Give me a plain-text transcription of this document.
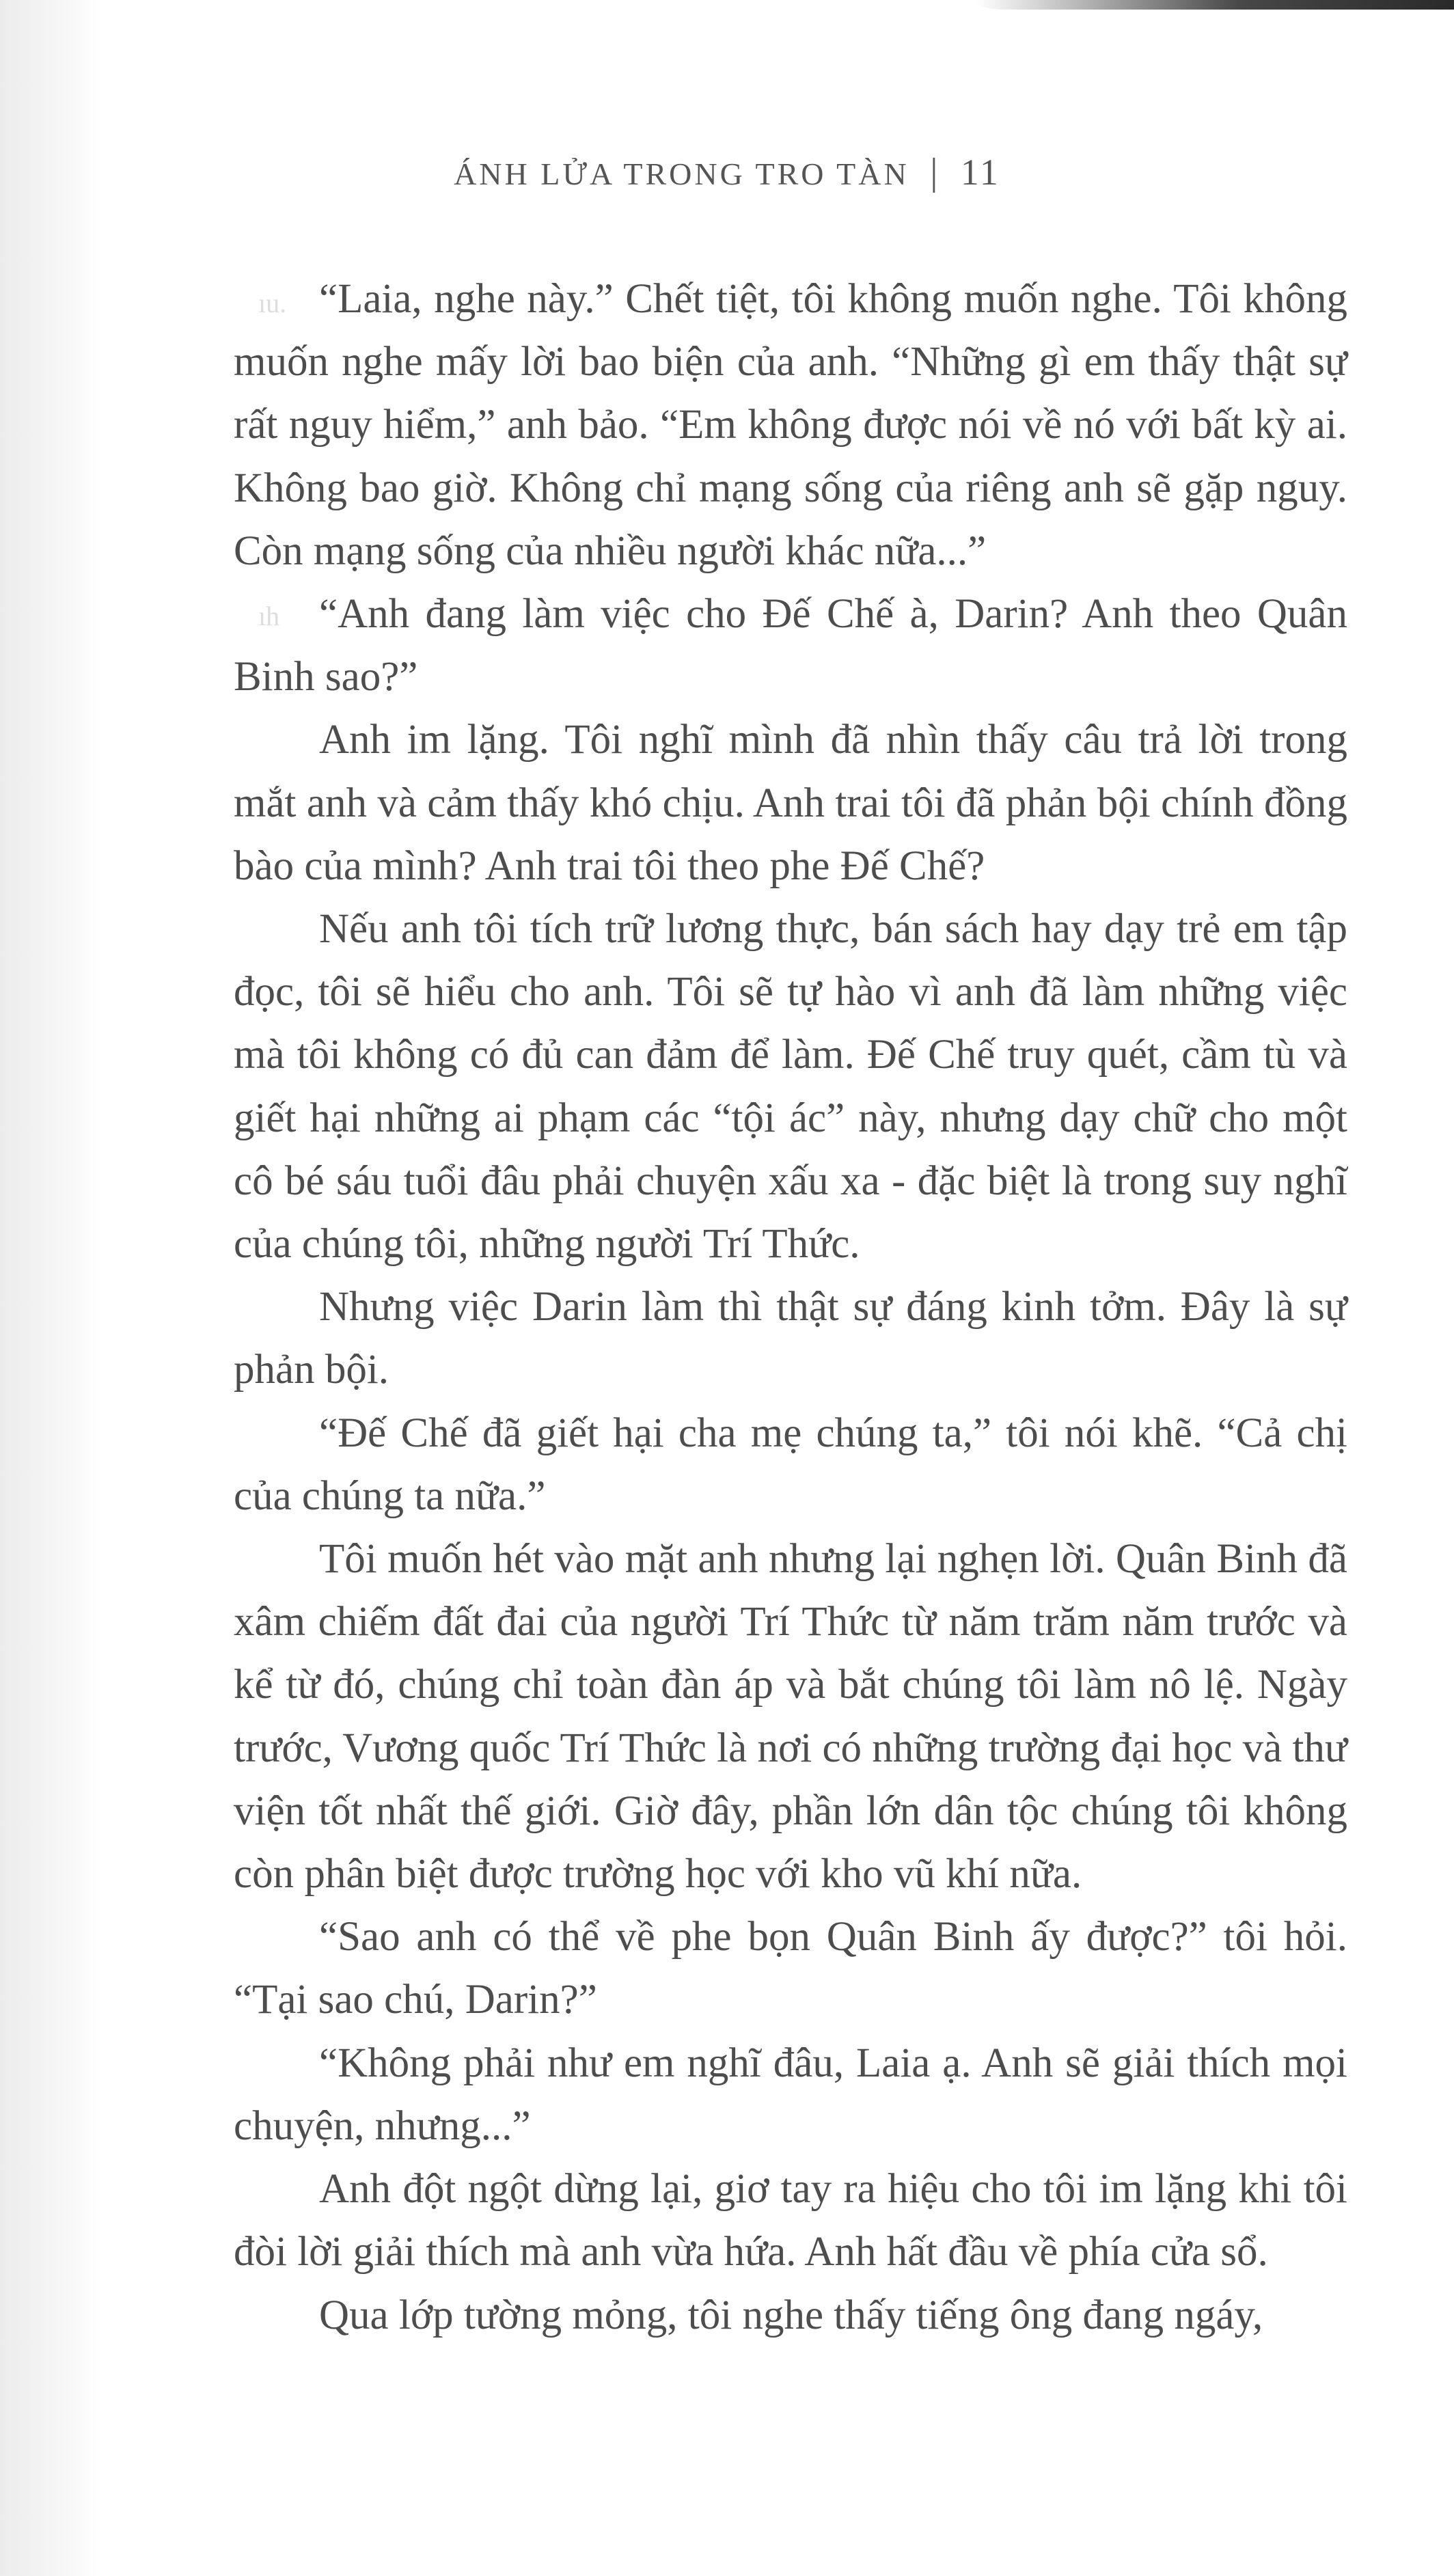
ıu.
ıh
ÁNH LỬA TRONG TRO TÀN | 11

“Laia, nghe này.” Chết tiệt, tôi không muốn nghe. Tôi không muốn nghe mấy lời bao biện của anh. “Những gì em thấy thật sự rất nguy hiểm,” anh bảo. “Em không được nói về nó với bất kỳ ai. Không bao giờ. Không chỉ mạng sống của riêng anh sẽ gặp nguy. Còn mạng sống của nhiều người khác nữa...”

“Anh đang làm việc cho Đế Chế à, Darin? Anh theo Quân Binh sao?”

Anh im lặng. Tôi nghĩ mình đã nhìn thấy câu trả lời trong mắt anh và cảm thấy khó chịu. Anh trai tôi đã phản bội chính đồng bào của mình? Anh trai tôi theo phe Đế Chế?

Nếu anh tôi tích trữ lương thực, bán sách hay dạy trẻ em tập đọc, tôi sẽ hiểu cho anh. Tôi sẽ tự hào vì anh đã làm những việc mà tôi không có đủ can đảm để làm. Đế Chế truy quét, cầm tù và giết hại những ai phạm các “tội ác” này, nhưng dạy chữ cho một cô bé sáu tuổi đâu phải chuyện xấu xa - đặc biệt là trong suy nghĩ của chúng tôi, những người Trí Thức.

Nhưng việc Darin làm thì thật sự đáng kinh tởm. Đây là sự phản bội.

“Đế Chế đã giết hại cha mẹ chúng ta,” tôi nói khẽ. “Cả chị của chúng ta nữa.”

Tôi muốn hét vào mặt anh nhưng lại nghẹn lời. Quân Binh đã xâm chiếm đất đai của người Trí Thức từ năm trăm năm trước và kể từ đó, chúng chỉ toàn đàn áp và bắt chúng tôi làm nô lệ. Ngày trước, Vương quốc Trí Thức là nơi có những trường đại học và thư viện tốt nhất thế giới. Giờ đây, phần lớn dân tộc chúng tôi không còn phân biệt được trường học với kho vũ khí nữa.

“Sao anh có thể về phe bọn Quân Binh ấy được?” tôi hỏi. “Tại sao chú, Darin?”

“Không phải như em nghĩ đâu, Laia ạ. Anh sẽ giải thích mọi chuyện, nhưng...”

Anh đột ngột dừng lại, giơ tay ra hiệu cho tôi im lặng khi tôi đòi lời giải thích mà anh vừa hứa. Anh hất đầu về phía cửa sổ.

Qua lớp tường mỏng, tôi nghe thấy tiếng ông đang ngáy,
